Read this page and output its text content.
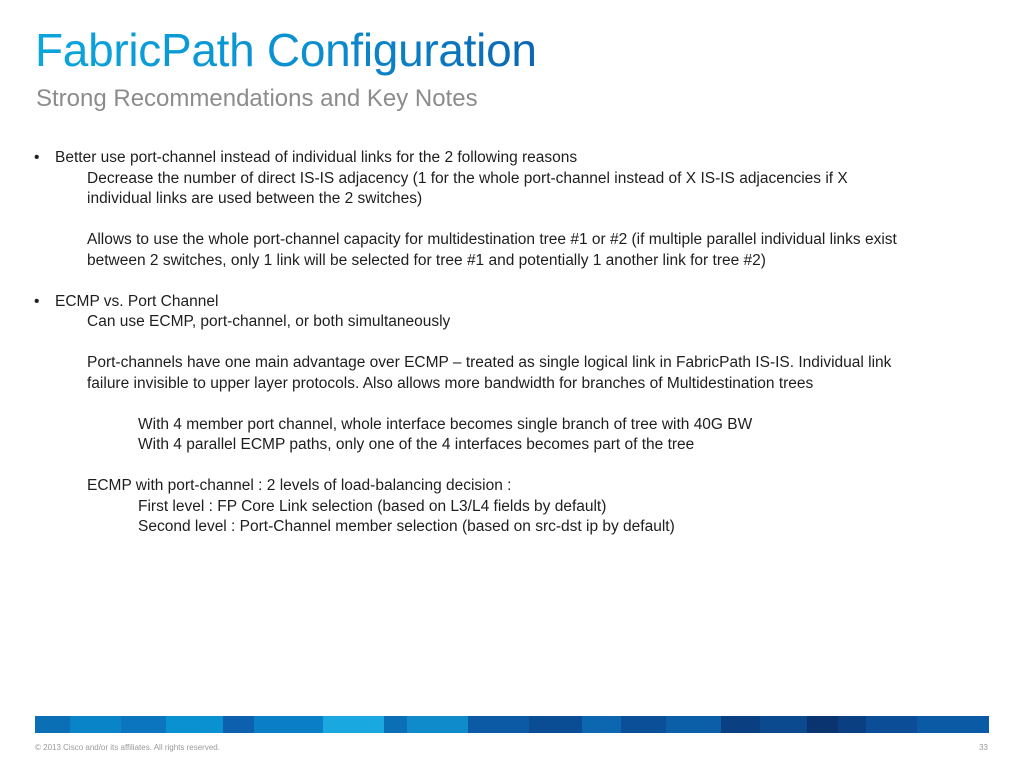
FabricPath Configuration
Strong Recommendations and Key Notes
• Better use port-channel instead of individual links for the 2 following reasons
Decrease the number of direct IS-IS adjacency (1 for the whole port-channel instead of X IS-IS adjacencies if X
individual links are used between the 2 switches)
Allows to use the whole port-channel capacity for multidestination tree #1 or #2 (if multiple parallel individual links exist
between 2 switches, only 1 link will be selected for tree #1 and potentially 1 another link for tree #2)
• ECMP vs. Port Channel
Can use ECMP, port-channel, or both simultaneously
Port-channels have one main advantage over ECMP – treated as single logical link in FabricPath IS-IS. Individual link
failure invisible to upper layer protocols. Also allows more bandwidth for branches of Multidestination trees
With 4 member port channel, whole interface becomes single branch of tree with 40G BW
With 4 parallel ECMP paths, only one of the 4 interfaces becomes part of the tree
ECMP with port-channel : 2 levels of load-balancing decision :
First level : FP Core Link selection (based on L3/L4 fields by default)
Second level : Port-Channel member selection (based on src-dst ip by default)
© 2013 Cisco and/or its affiliates. All rights reserved.	33
